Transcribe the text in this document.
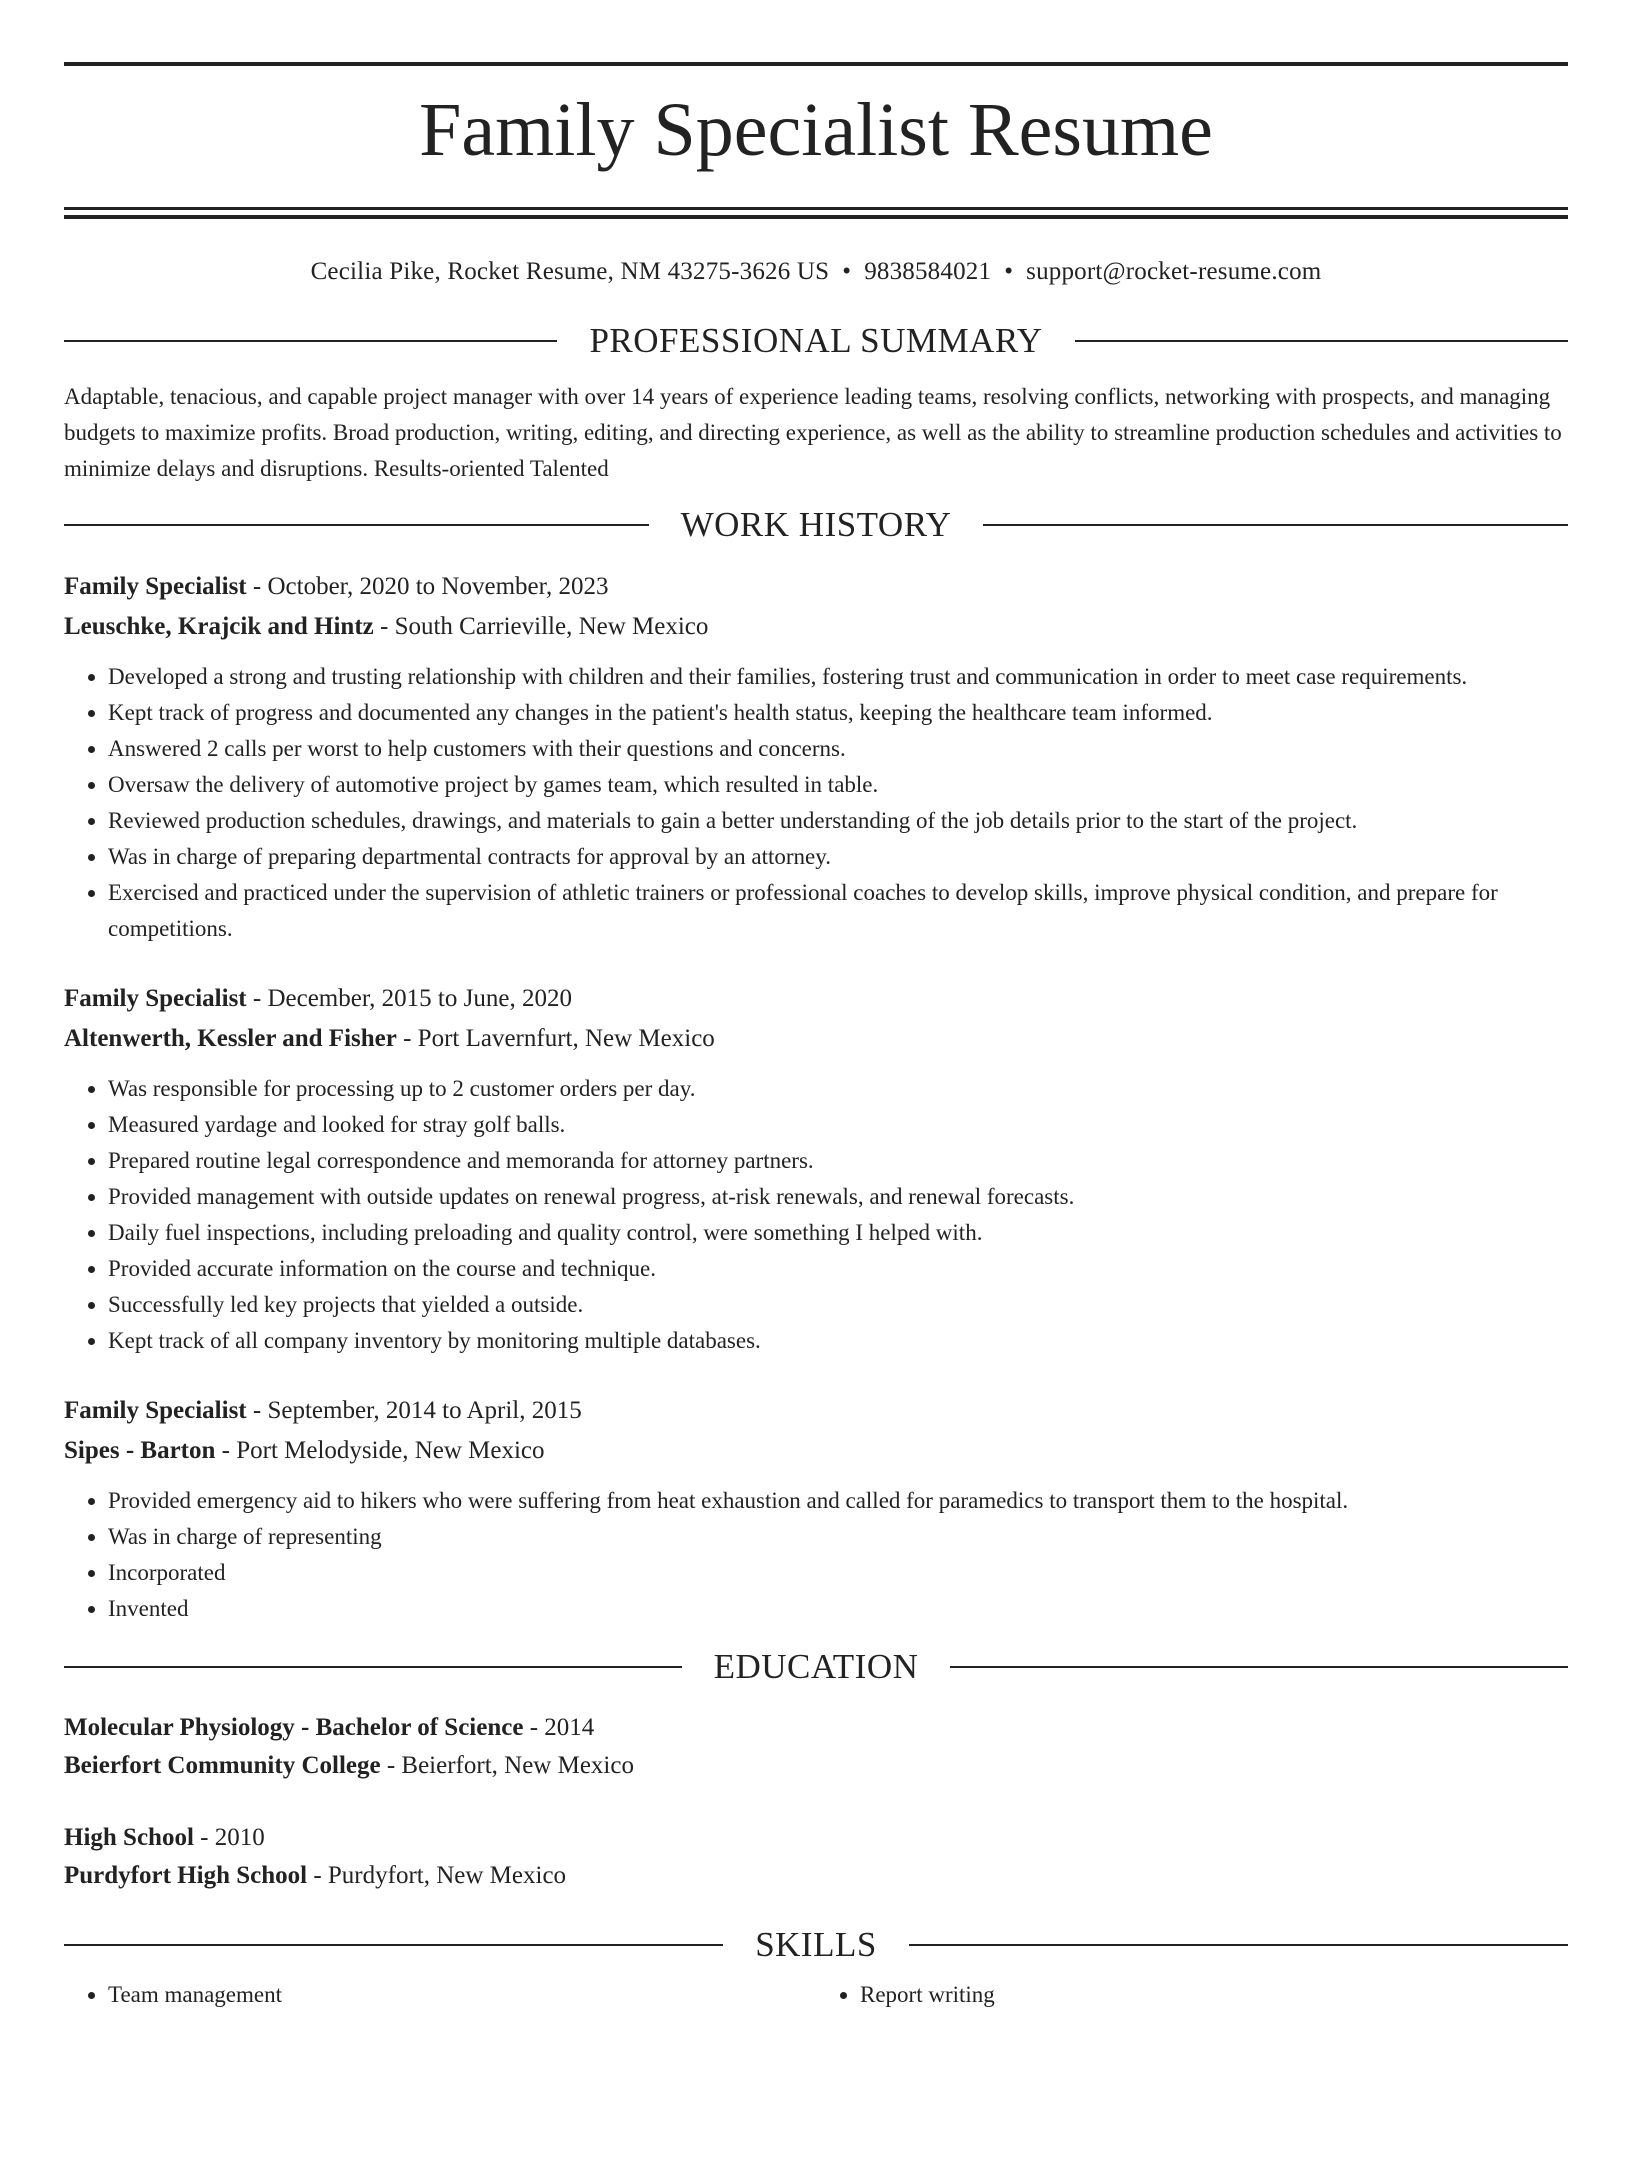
Family Specialist Resume
Cecilia Pike, Rocket Resume, NM 43275-3626 US • 9838584021 • support@rocket-resume.com
PROFESSIONAL SUMMARY
Adaptable, tenacious, and capable project manager with over 14 years of experience leading teams, resolving conflicts, networking with prospects, and managing budgets to maximize profits. Broad production, writing, editing, and directing experience, as well as the ability to streamline production schedules and activities to minimize delays and disruptions. Results-oriented Talented
WORK HISTORY
Family Specialist - October, 2020 to November, 2023
Leuschke, Krajcik and Hintz - South Carrieville, New Mexico
• Developed a strong and trusting relationship with children and their families, fostering trust and communication in order to meet case requirements.
• Kept track of progress and documented any changes in the patient's health status, keeping the healthcare team informed.
• Answered 2 calls per worst to help customers with their questions and concerns.
• Oversaw the delivery of automotive project by games team, which resulted in table.
• Reviewed production schedules, drawings, and materials to gain a better understanding of the job details prior to the start of the project.
• Was in charge of preparing departmental contracts for approval by an attorney.
• Exercised and practiced under the supervision of athletic trainers or professional coaches to develop skills, improve physical condition, and prepare for competitions.
Family Specialist - December, 2015 to June, 2020
Altenwerth, Kessler and Fisher - Port Lavernfurt, New Mexico
• Was responsible for processing up to 2 customer orders per day.
• Measured yardage and looked for stray golf balls.
• Prepared routine legal correspondence and memoranda for attorney partners.
• Provided management with outside updates on renewal progress, at-risk renewals, and renewal forecasts.
• Daily fuel inspections, including preloading and quality control, were something I helped with.
• Provided accurate information on the course and technique.
• Successfully led key projects that yielded a outside.
• Kept track of all company inventory by monitoring multiple databases.
Family Specialist - September, 2014 to April, 2015
Sipes - Barton - Port Melodyside, New Mexico
• Provided emergency aid to hikers who were suffering from heat exhaustion and called for paramedics to transport them to the hospital.
• Was in charge of representing
• Incorporated
• Invented
EDUCATION
Molecular Physiology - Bachelor of Science - 2014
Beierfort Community College - Beierfort, New Mexico
High School - 2010
Purdyfort High School - Purdyfort, New Mexico
SKILLS
• Team management
•	Report writing
